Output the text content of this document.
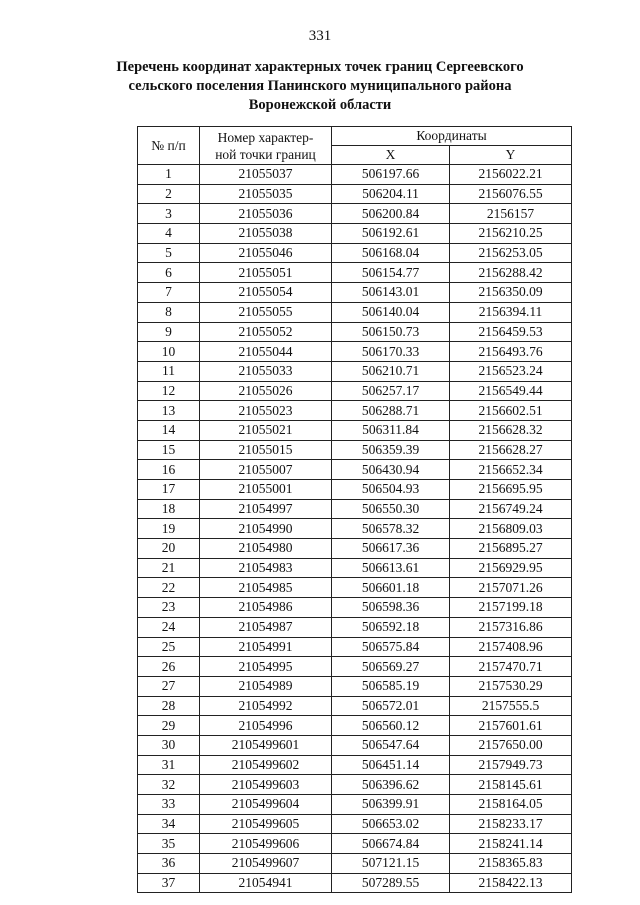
331
Перечень координат характерных точек границ Сергеевского
сельского поселения Панинского муниципального района
Воронежской области
№ п/п	Номер характер-
ной точки границ	Координаты	
		X	Y
1	21055037	506197.66	2156022.21
2	21055035	506204.11	2156076.55
3	21055036	506200.84	2156157
4	21055038	506192.61	2156210.25
5	21055046	506168.04	2156253.05
6	21055051	506154.77	2156288.42
7	21055054	506143.01	2156350.09
8	21055055	506140.04	2156394.11
9	21055052	506150.73	2156459.53
10	21055044	506170.33	2156493.76
11	21055033	506210.71	2156523.24
12	21055026	506257.17	2156549.44
13	21055023	506288.71	2156602.51
14	21055021	506311.84	2156628.32
15	21055015	506359.39	2156628.27
16	21055007	506430.94	2156652.34
17	21055001	506504.93	2156695.95
18	21054997	506550.30	2156749.24
19	21054990	506578.32	2156809.03
20	21054980	506617.36	2156895.27
21	21054983	506613.61	2156929.95
22	21054985	506601.18	2157071.26
23	21054986	506598.36	2157199.18
24	21054987	506592.18	2157316.86
25	21054991	506575.84	2157408.96
26	21054995	506569.27	2157470.71
27	21054989	506585.19	2157530.29
28	21054992	506572.01	2157555.5
29	21054996	506560.12	2157601.61
30	2105499601	506547.64	2157650.00
31	2105499602	506451.14	2157949.73
32	2105499603	506396.62	2158145.61
33	2105499604	506399.91	2158164.05
34	2105499605	506653.02	2158233.17
35	2105499606	506674.84	2158241.14
36	2105499607	507121.15	2158365.83
37	21054941	507289.55	2158422.13
